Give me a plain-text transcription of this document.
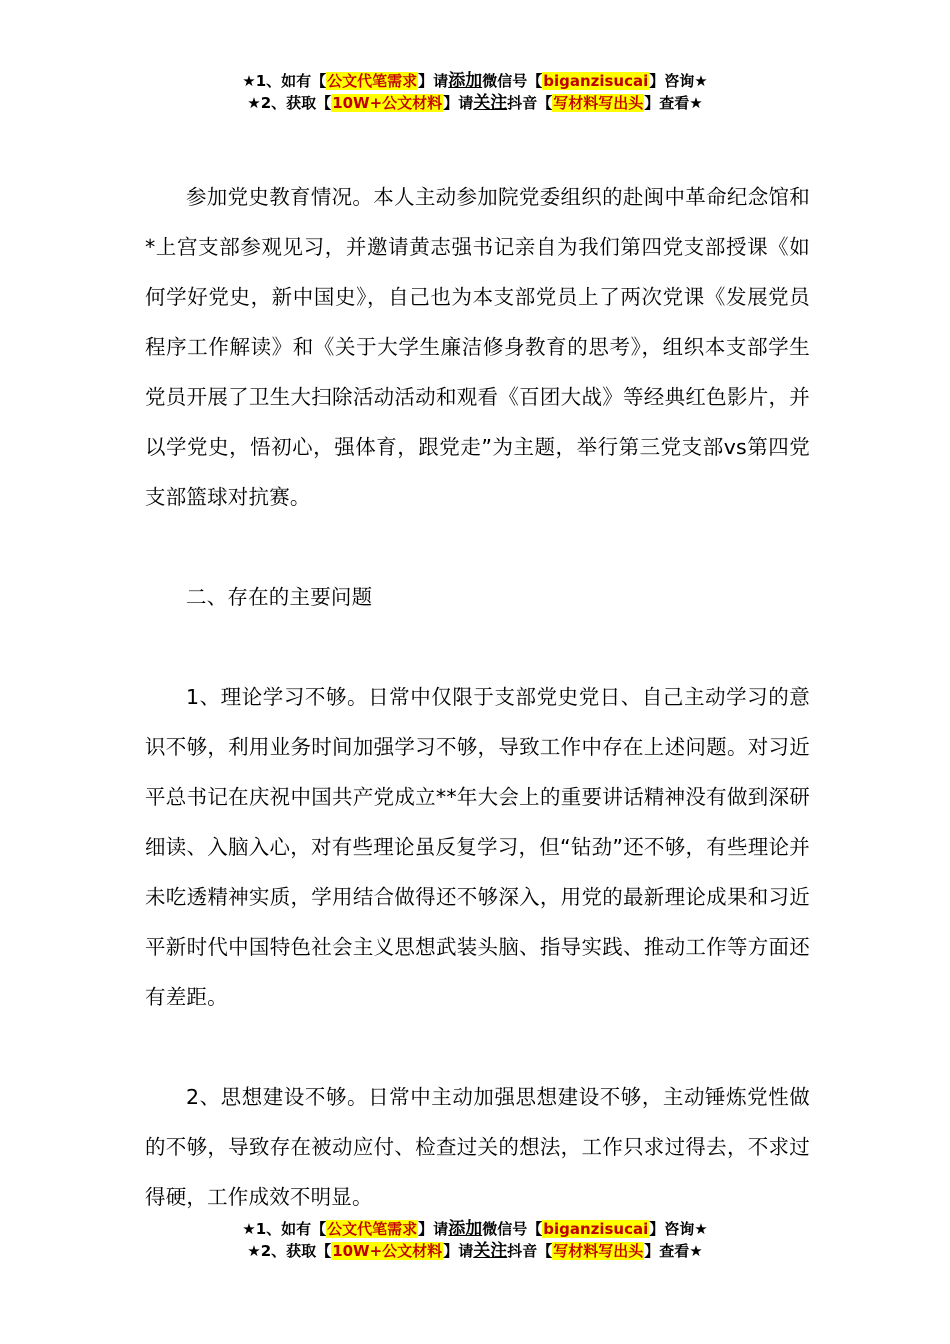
★1、如有【公文代笔需求】请添加微信号【biganzisucai】咨询★
★2、获取【10W+公文材料】请关注抖音【写材料写出头】查看★

参加党史教育情况。本人主动参加院党委组织的赴闽中革命纪念馆和*上宫支部参观见习，并邀请黄志强书记亲自为我们第四党支部授课《如何学好党史，新中国史》，自己也为本支部党员上了两次党课《发展党员程序工作解读》和《关于大学生廉洁修身教育的思考》，组织本支部学生党员开展了卫生大扫除活动活动和观看《百团大战》等经典红色影片，并以学党史，悟初心，强体育，跟党走”为主题，举行第三党支部vs第四党支部篮球对抗赛。

二、存在的主要问题

1、理论学习不够。日常中仅限于支部党史党日、自己主动学习的意识不够，利用业务时间加强学习不够，导致工作中存在上述问题。对习近平总书记在庆祝中国共产党成立**年大会上的重要讲话精神没有做到深研细读、入脑入心，对有些理论虽反复学习，但“钻劲”还不够，有些理论并未吃透精神实质，学用结合做得还不够深入，用党的最新理论成果和习近平新时代中国特色社会主义思想武装头脑、指导实践、推动工作等方面还有差距。

2、思想建设不够。日常中主动加强思想建设不够，主动锤炼党性做的不够，导致存在被动应付、检查过关的想法，工作只求过得去，不求过得硬，工作成效不明显。

★1、如有【公文代笔需求】请添加微信号【biganzisucai】咨询★
★2、获取【10W+公文材料】请关注抖音【写材料写出头】查看★
